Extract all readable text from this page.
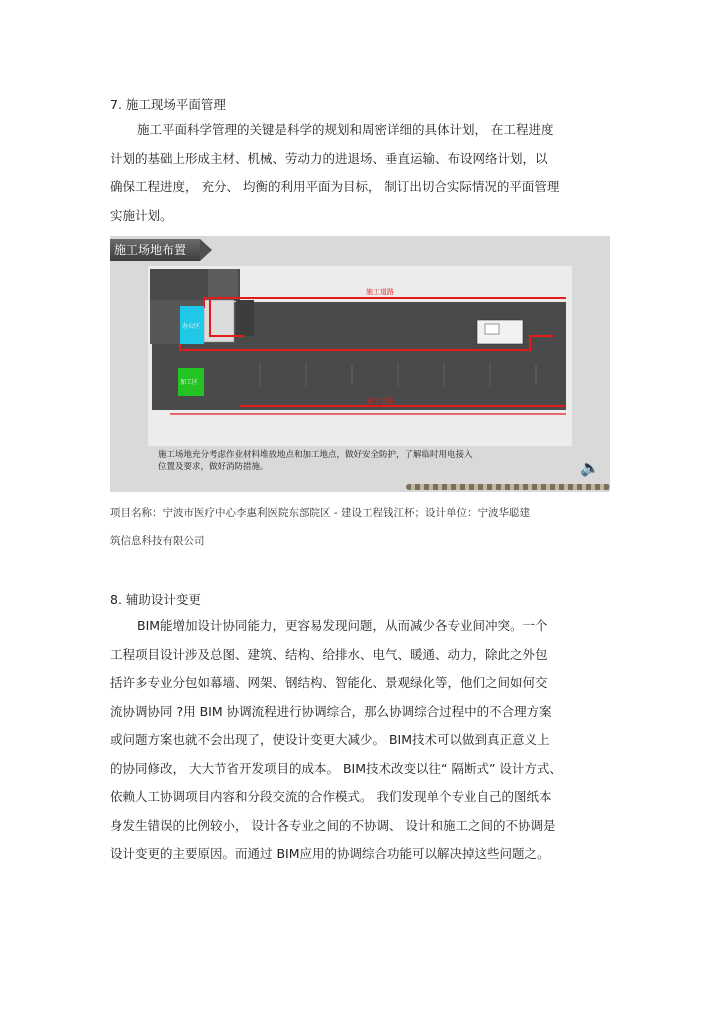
7. 施工现场平面管理
施工平面科学管理的关键是科学的规划和周密详细的具体计划， 在工程进度
计划的基础上形成主材、机械、劳动力的进退场、垂直运输、布设网络计划，以
确保工程进度， 充分、 均衡的利用平面为目标， 制订出切合实际情况的平面管理
实施计划。
施工场地布置
施工道路
施工道路
办公区
加工区
施工场地充分考虑作业材料堆放地点和加工地点，做好安全防护，了解临时用电接入
位置及要求，做好消防措施。	🔈
项目名称：宁波市医疗中心李惠利医院东部院区 - 建设工程钱江杯；设计单位：宁波华聪建
筑信息科技有限公司
8. 辅助设计变更
BIM能增加设计协同能力，更容易发现问题，从而减少各专业间冲突。一个
工程项目设计涉及总图、建筑、结构、给排水、电气、暖通、动力，除此之外包
括许多专业分包如幕墙、网架、钢结构、智能化、景观绿化等，他们之间如何交
流协调协同 ?用 BIM 协调流程进行协调综合，那么协调综合过程中的不合理方案
或问题方案也就不会出现了，使设计变更大减少。 BIM技术可以做到真正意义上
的协同修改， 大大节省开发项目的成本。 BIM技术改变以往“ 隔断式” 设计方式、
依赖人工协调项目内容和分段交流的合作模式。 我们发现单个专业自己的图纸本
身发生错误的比例较小， 设计各专业之间的不协调、 设计和施工之间的不协调是
设计变更的主要原因。而通过 BIM应用的协调综合功能可以解决掉这些问题之。
